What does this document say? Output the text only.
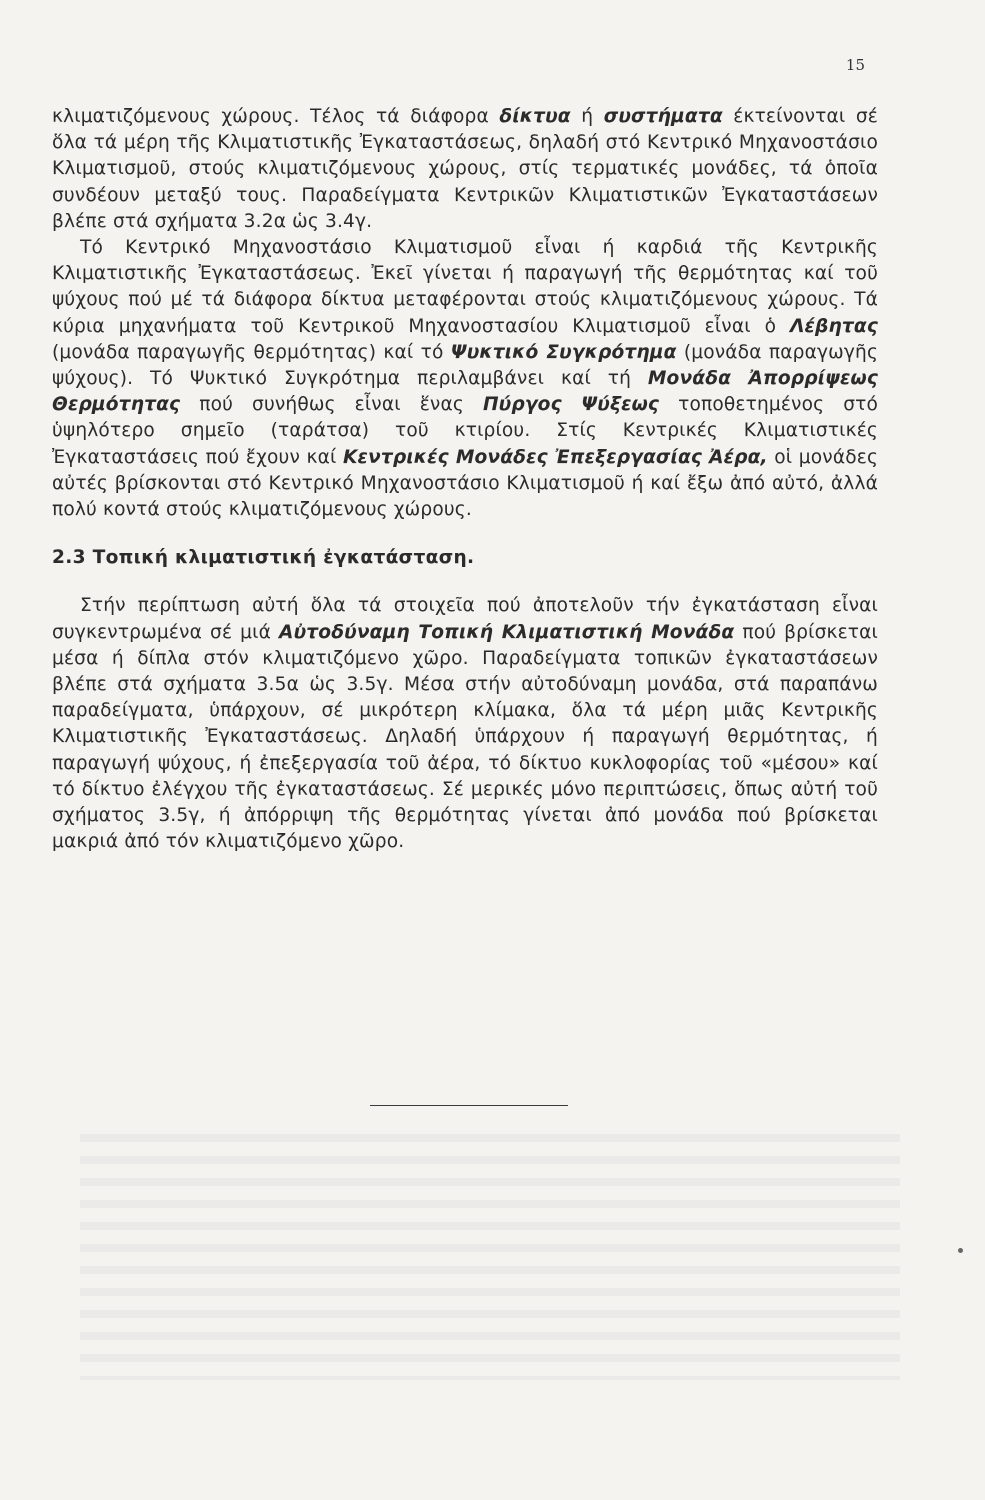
15

κλιματιζόμενους χώρους. Τέλος τά διάφορα δίκτυα ή συστήματα έκτείνονται σέ ὅλα τά μέρη τῆς Κλιματιστικῆς Ἐγκαταστάσεως, δηλαδή στό Κεντρικό Μηχανοστάσιο Κλιματισμοῦ, στούς κλιματιζόμενους χώρους, στίς τερματικές μονάδες, τά ὁποῖα συνδέουν μεταξύ τους. Παραδείγματα Κεντρικῶν Κλιματιστικῶν Ἐγκαταστάσεων βλέπε στά σχήματα 3.2α ὡς 3.4γ.

Τό Κεντρικό Μηχανοστάσιο Κλιματισμοῦ εἶναι ή καρδιά τῆς Κεντρικῆς Κλιματιστικῆς Ἐγκαταστάσεως. Ἐκεῖ γίνεται ή παραγωγή τῆς θερμότητας καί τοῦ ψύχους πού μέ τά διάφορα δίκτυα μεταφέρονται στούς κλιματιζόμενους χώρους. Τά κύρια μηχανήματα τοῦ Κεντρικοῦ Μηχανοστασίου Κλιματισμοῦ εἶναι ὁ Λέβητας (μονάδα παραγωγῆς θερμότητας) καί τό Ψυκτικό Συγκρότημα (μονάδα παραγωγῆς ψύχους). Τό Ψυκτικό Συγκρότημα περιλαμβάνει καί τή Μονάδα Ἀπορρίψεως Θερμότητας πού συνήθως εἶναι ἕνας Πύργος Ψύξεως τοποθετημένος στό ὑψηλότερο σημεῖο (ταράτσα) τοῦ κτιρίου. Στίς Κεντρικές Κλιματιστικές Ἐγκαταστάσεις πού ἔχουν καί Κεντρικές Μονάδες Ἐπεξεργασίας Ἀέρα, οἱ μονάδες αὐτές βρίσκονται στό Κεντρικό Μηχανοστάσιο Κλιματισμοῦ ή καί ἔξω ἀπό αὐτό, ἀλλά πολύ κοντά στούς κλιματιζόμενους χώρους.

2.3 Τοπική κλιματιστική ἐγκατάσταση.

Στήν περίπτωση αὐτή ὅλα τά στοιχεῖα πού ἀποτελοῦν τήν ἐγκατάσταση εἶναι συγκεντρωμένα σέ μιά Αὐτοδύναμη Τοπική Κλιματιστική Μονάδα πού βρίσκεται μέσα ή δίπλα στόν κλιματιζόμενο χῶρο. Παραδείγματα τοπικῶν ἐγκαταστάσεων βλέπε στά σχήματα 3.5α ὡς 3.5γ. Μέσα στήν αὐτοδύναμη μονάδα, στά παραπάνω παραδείγματα, ὑπάρχουν, σέ μικρότερη κλίμακα, ὅλα τά μέρη μιᾶς Κεντρικῆς Κλιματιστικῆς Ἐγκαταστάσεως. Δηλαδή ὑπάρχουν ή παραγωγή θερμότητας, ή παραγωγή ψύχους, ή ἐπεξεργασία τοῦ ἀέρα, τό δίκτυο κυκλοφορίας τοῦ «μέσου» καί τό δίκτυο ἐλέγχου τῆς ἐγκαταστάσεως. Σέ μερικές μόνο περιπτώσεις, ὅπως αὐτή τοῦ σχήματος 3.5γ, ή ἀπόρριψη τῆς θερμότητας γίνεται ἀπό μονάδα πού βρίσκεται μακριά ἀπό τόν κλιματιζόμενο χῶρο.
